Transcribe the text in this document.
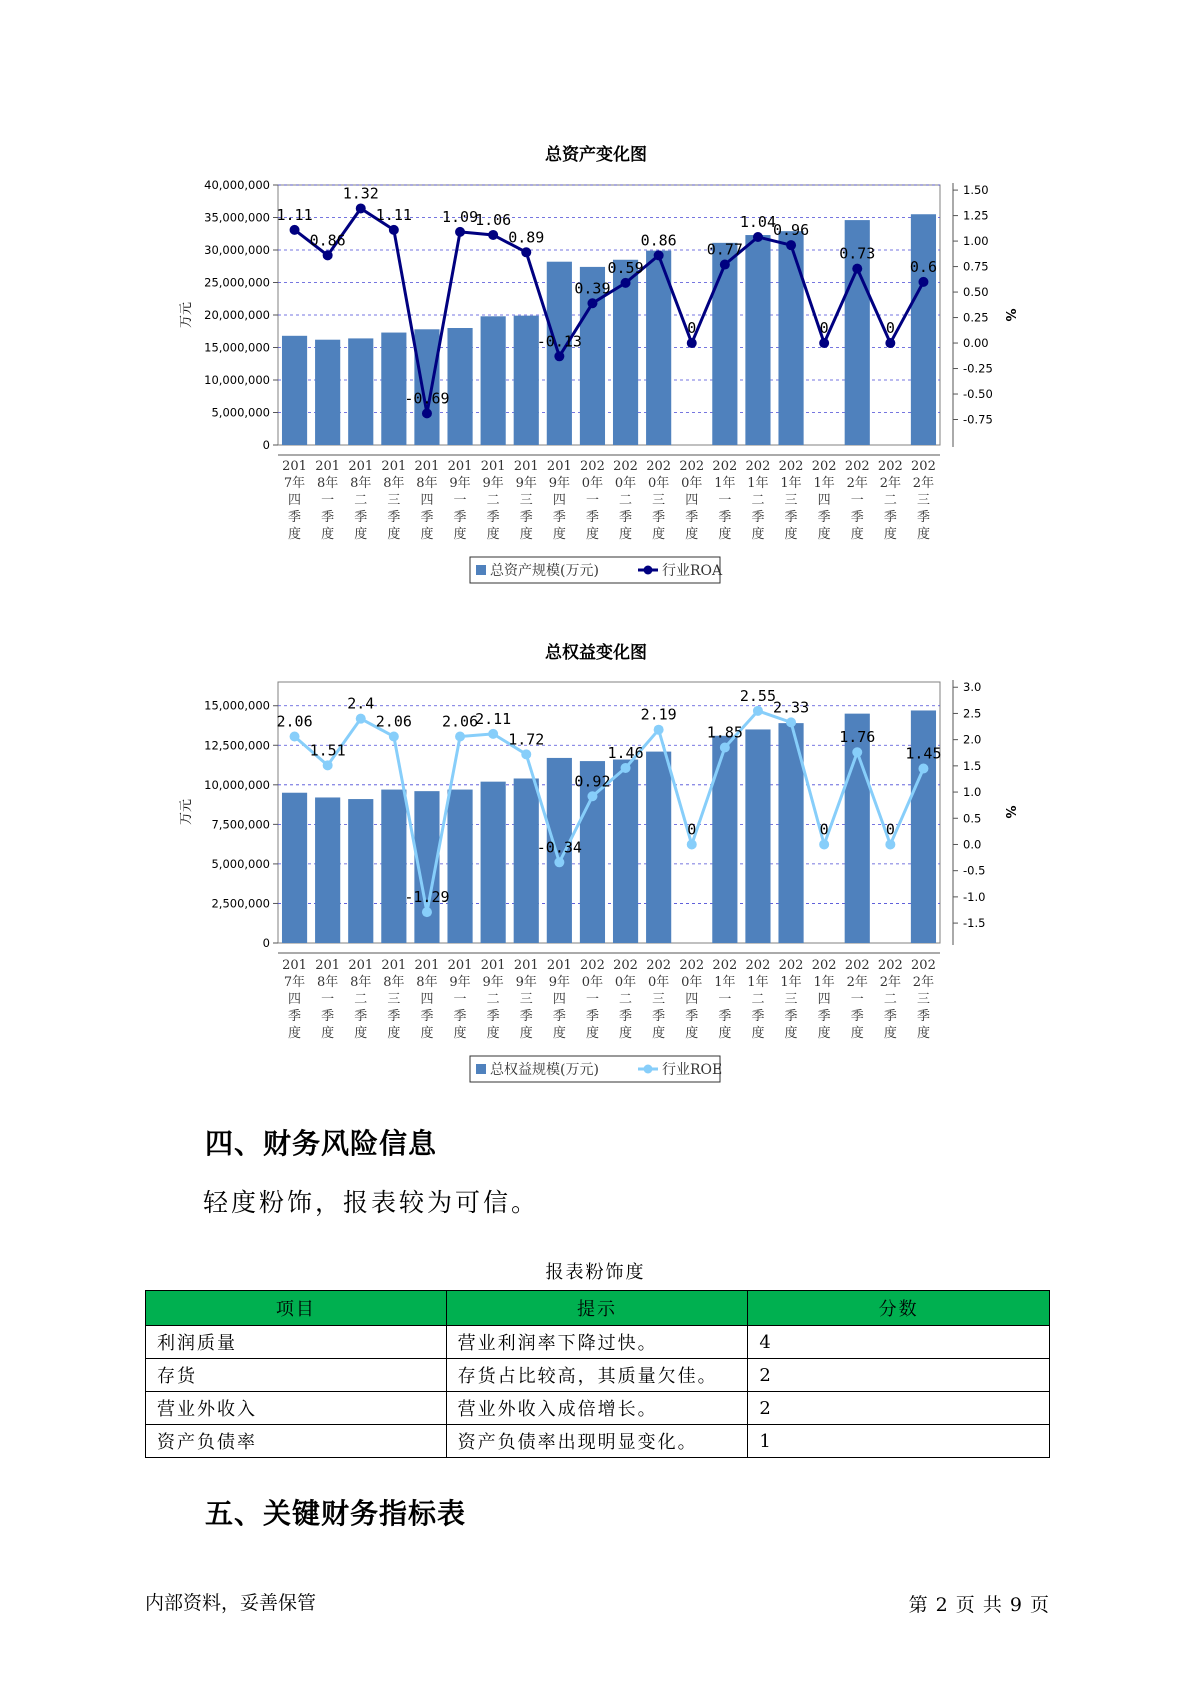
总资产变化图
0
5,000,000
10,000,000
15,000,000
20,000,000
25,000,000
30,000,000
35,000,000
40,000,000
-0.75
-0.50
-0.25
0.00
0.25
0.50
0.75
1.00
1.25
1.50
万元	%
1.11
0.86
1.32
1.11
-0.69
1.09
1.06
0.89
-0.13
0.39
0.59
0.86
0
0.77
1.04
0.96
0
0.73
0
0.6
201
7年
四
季
度
201
8年
一
季
度
201
8年
二
季
度
201
8年
三
季
度
201
8年
四
季
度
201
9年
一
季
度
201
9年
二
季
度
201
9年
三
季
度
201
9年
四
季
度
202
0年
一
季
度
202
0年
二
季
度
202
0年
三
季
度
202
0年
四
季
度
202
1年
一
季
度
202
1年
二
季
度
202
1年
三
季
度
202
1年
四
季
度
202
2年
一
季
度
202
2年
二
季
度
202
2年
三
季
度
总资产规模(万元)	行业ROA
总权益变化图
0
2,500,000
5,000,000
7,500,000
10,000,000
12,500,000
15,000,000
-1.5
-1.0
-0.5
0.0
0.5
1.0
1.5
2.0
2.5
3.0
万元	%
2.06
1.51
2.4
2.06
-1.29
2.06
2.11
1.72
-0.34
0.92
1.46
2.19
0
1.85
2.55
2.33
0
1.76
0
1.45
201
7年
四
季
度
201
8年
一
季
度
201
8年
二
季
度
201
8年
三
季
度
201
8年
四
季
度
201
9年
一
季
度
201
9年
二
季
度
201
9年
三
季
度
201
9年
四
季
度
202
0年
一
季
度
202
0年
二
季
度
202
0年
三
季
度
202
0年
四
季
度
202
1年
一
季
度
202
1年
二
季
度
202
1年
三
季
度
202
1年
四
季
度
202
2年
一
季
度
202
2年
二
季
度
202
2年
三
季
度
总权益规模(万元)	行业ROE
四、财务风险信息
轻度粉饰，报表较为可信。
报表粉饰度
项目	提示	分数
利润质量	营业利润率下降过快。	4
存货	存货占比较高，其质量欠佳。	2
营业外收入	营业外收入成倍增长。	2
资产负债率	资产负债率出现明显变化。	1
五、关键财务指标表
内部资料，妥善保管	第 2 页 共 9 页
